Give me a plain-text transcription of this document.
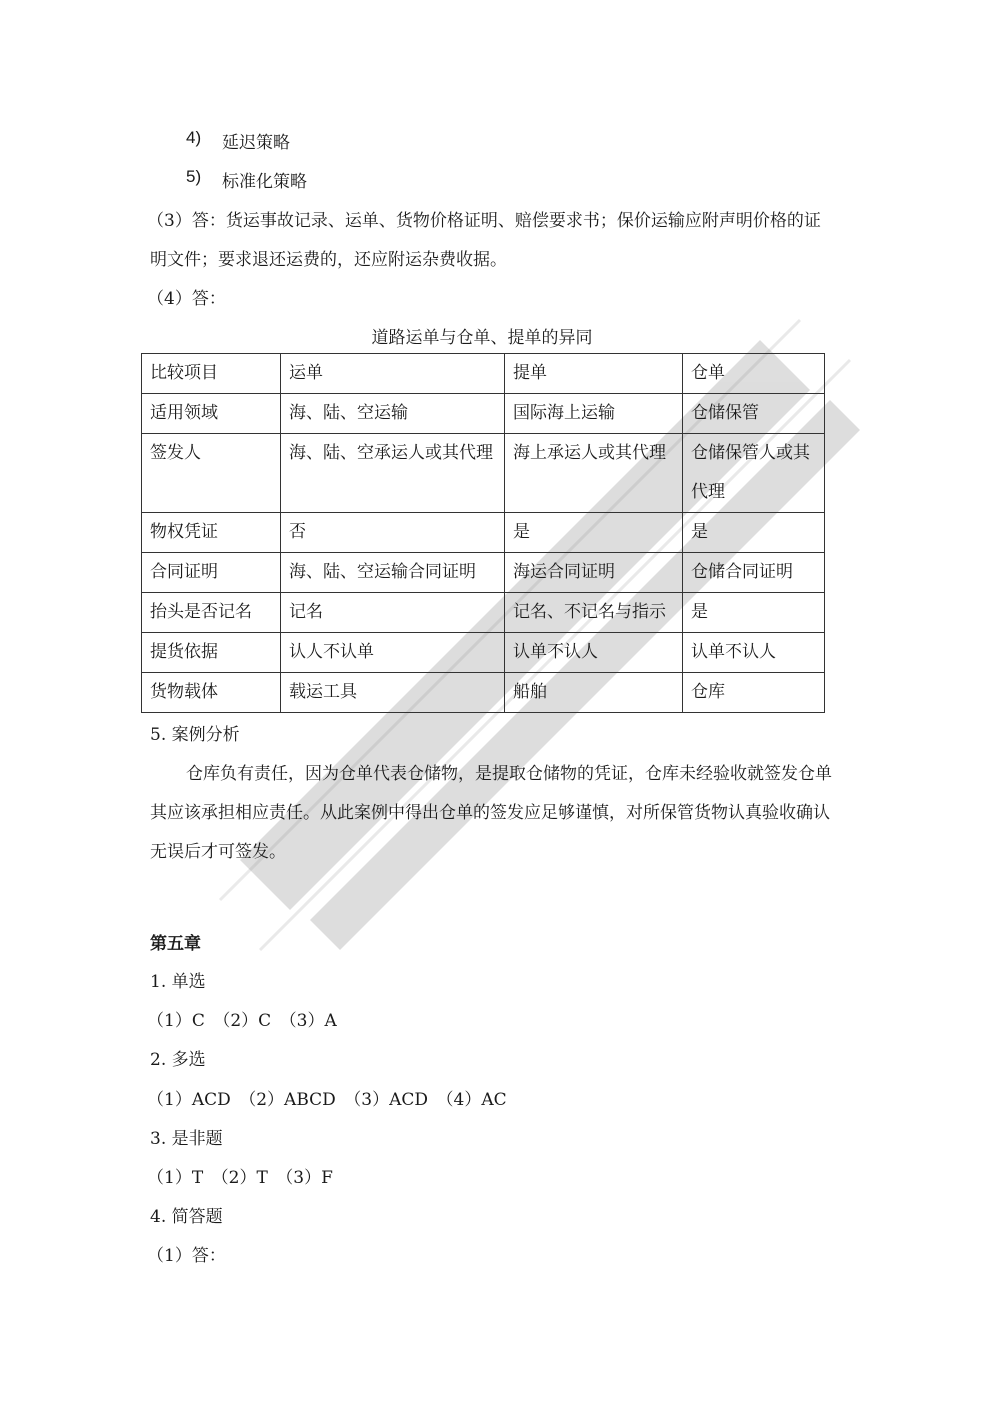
4) 延迟策略
5) 标准化策略
（3）答：货运事故记录、运单、货物价格证明、赔偿要求书；保价运输应附声明价格的证
明文件；要求退还运费的，还应附运杂费收据。
（4）答：
道路运单与仓单、提单的异同
比较项目	运单	提单	仓单
适用领域	海、陆、空运输	国际海上运输	仓储保管
签发人	海、陆、空承运人或其代理	海上承运人或其代理	仓储保管人或其代理
物权凭证	否	是	是
合同证明	海、陆、空运输合同证明	海运合同证明	仓储合同证明
抬头是否记名	记名	记名、不记名与指示	是
提货依据	认人不认单	认单不认人	认单不认人
货物载体	载运工具	船舶	仓库
5. 案例分析
仓库负有责任，因为仓单代表仓储物，是提取仓储物的凭证，仓库未经验收就签发仓单
其应该承担相应责任。从此案例中得出仓单的签发应足够谨慎，对所保管货物认真验收确认
无误后才可签发。
第五章
1. 单选
（1）C　（2）C　（3）A
2. 多选
（1）ACD　（2）ABCD　（3）ACD　（4）AC
3. 是非题
（1）T　（2）T　（3）F
4. 简答题
（1）答：
